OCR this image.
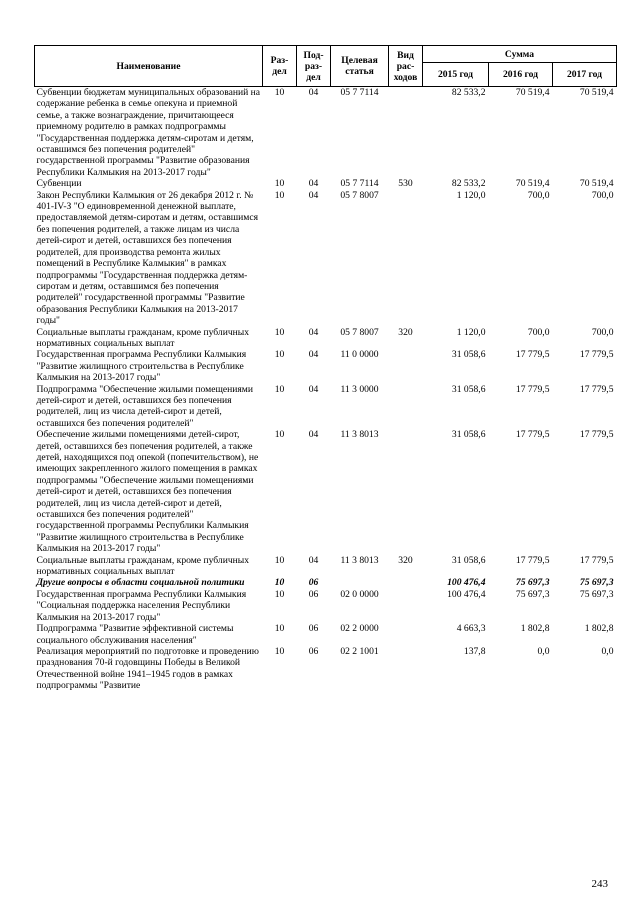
Наименование	Раз-дел	Под-раз-дел	Целевая статья	Вид рас-ходов	Сумма		
					2015 год	2016 год	2017 год
Субвенции бюджетам муниципальных образований на содержание ребенка в семье опекуна и приемной семье, а также вознаграждение, причитающееся приемному родителю в рамках подпрограммы "Государственная поддержка детям-сиротам и детям, оставшимся без попечения родителей" государственной программы "Развитие образования Республики Калмыкия на 2013-2017 годы"	10	04	05 7 7114		82 533,2	70 519,4	70 519,4
Субвенции	10	04	05 7 7114	530	82 533,2	70 519,4	70 519,4
Закон Республики Калмыкия от 26 декабря 2012 г. № 401-IV-З "О единовременной денежной выплате, предоставляемой детям-сиротам и детям, оставшимся без попечения родителей, а также лицам из числа детей-сирот и детей, оставшихся без попечения родителей, для производства ремонта жилых помещений в Республике Калмыкия" в рамках подпрограммы "Государственная поддержка детям-сиротам и детям, оставшимся без попечения родителей" государственной программы "Развитие образования Республики Калмыкия на 2013-2017 годы"	10	04	05 7 8007		1 120,0	700,0	700,0
Социальные выплаты гражданам, кроме публичных нормативных социальных выплат	10	04	05 7 8007	320	1 120,0	700,0	700,0
Государственная программа Республики Калмыкия "Развитие жилищного строительства в Республике Калмыкия на 2013-2017 годы"	10	04	11 0 0000		31 058,6	17 779,5	17 779,5
Подпрограмма "Обеспечение жилыми помещениями детей-сирот и детей, оставшихся без попечения родителей, лиц из числа детей-сирот и детей, оставшихся без попечения родителей"	10	04	11 3 0000		31 058,6	17 779,5	17 779,5
Обеспечение жилыми помещениями детей-сирот, детей, оставшихся без попечения родителей, а также детей, находящихся под опекой (попечительством), не имеющих закрепленного жилого помещения в рамках подпрограммы "Обеспечение жилыми помещениями детей-сирот и детей, оставшихся без попечения родителей, лиц из числа детей-сирот и детей, оставшихся без попечения родителей" государственной программы Республики Калмыкия "Развитие жилищного строительства в Республике Калмыкия на 2013-2017 годы"	10	04	11 3 8013		31 058,6	17 779,5	17 779,5
Социальные выплаты гражданам, кроме публичных нормативных социальных выплат	10	04	11 3 8013	320	31 058,6	17 779,5	17 779,5
Другие вопросы в области социальной политики	10	06			100 476,4	75 697,3	75 697,3
Государственная программа Республики Калмыкия "Социальная поддержка населения Республики Калмыкия на 2013-2017 годы"	10	06	02 0 0000		100 476,4	75 697,3	75 697,3
Подпрограмма "Развитие эффективной системы социального обслуживания населения"	10	06	02 2 0000		4 663,3	1 802,8	1 802,8
Реализация мероприятий по подготовке и проведению празднования 70-й годовщины Победы в Великой Отечественной войне 1941–1945 годов в рамках подпрограммы "Развитие	10	06	02 2 1001		137,8	0,0	0,0
243
